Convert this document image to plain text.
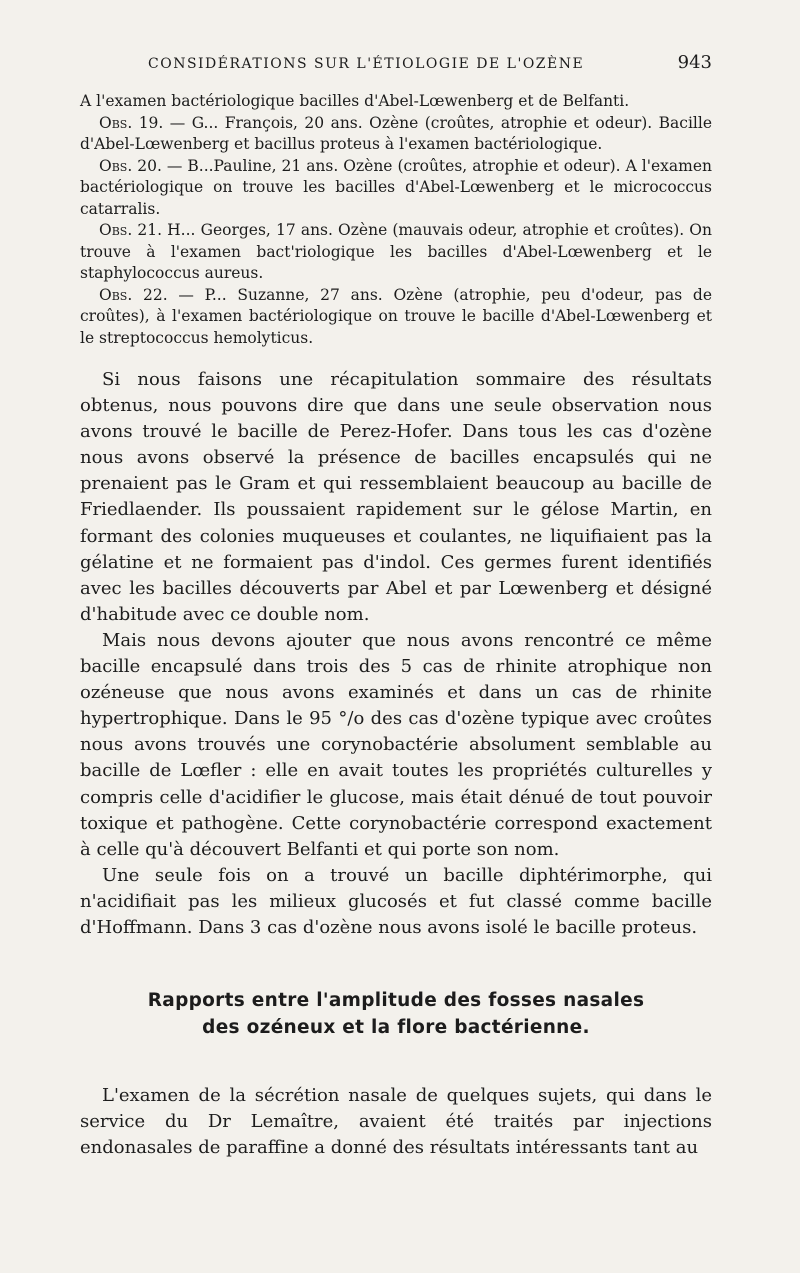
CONSIDÉRATIONS SUR L'ÉTIOLOGIE DE L'OZÈNE	943

A l'examen bactériologique bacilles d'Abel-Lœwenberg et de Belfanti.

Obs. 19. — G... François, 20 ans. Ozène (croûtes, atrophie et odeur). Bacille d'Abel-Lœwenberg et bacillus proteus à l'examen bactériologique.

Obs. 20. — B...Pauline, 21 ans. Ozène (croûtes, atrophie et odeur). A l'examen bactériologique on trouve les bacilles d'Abel-Lœwenberg et le micrococcus catarralis.

Obs. 21. H... Georges, 17 ans. Ozène (mauvais odeur, atrophie et croûtes). On trouve à l'examen bact'riologique les bacilles d'Abel-Lœwenberg et le staphylococcus aureus.

Obs. 22. — P... Suzanne, 27 ans. Ozène (atrophie, peu d'odeur, pas de croûtes), à l'examen bactériologique on trouve le bacille d'Abel-Lœwenberg et le streptococcus hemolyticus.

Si nous faisons une récapitulation sommaire des résultats obtenus, nous pouvons dire que dans une seule observation nous avons trouvé le bacille de Perez-Hofer. Dans tous les cas d'ozène nous avons observé la présence de bacilles encapsulés qui ne prenaient pas le Gram et qui ressemblaient beaucoup au bacille de Friedlaender. Ils poussaient rapidement sur le gélose Martin, en formant des colonies muqueuses et coulantes, ne liquifiaient pas la gélatine et ne formaient pas d'indol. Ces germes furent identifiés avec les bacilles découverts par Abel et par Lœwenberg et désigné d'habitude avec ce double nom.

Mais nous devons ajouter que nous avons rencontré ce même bacille encapsulé dans trois des 5 cas de rhinite atrophique non ozéneuse que nous avons examinés et dans un cas de rhinite hypertrophique. Dans le 95 °/o des cas d'ozène typique avec croûtes nous avons trouvés une corynobactérie absolument semblable au bacille de Lœfler : elle en avait toutes les propriétés culturelles y compris celle d'acidifier le glucose, mais était dénué de tout pouvoir toxique et pathogène. Cette corynobactérie correspond exactement à celle qu'à découvert Belfanti et qui porte son nom.

Une seule fois on a trouvé un bacille diphtérimorphe, qui n'acidifiait pas les milieux glucosés et fut classé comme bacille d'Hoffmann. Dans 3 cas d'ozène nous avons isolé le bacille proteus.

Rapports entre l'amplitude des fosses nasales
des ozéneux et la flore bactérienne.

L'examen de la sécrétion nasale de quelques sujets, qui dans le service du Dr Lemaître, avaient été traités par injections endonasales de paraffine a donné des résultats intéressants tant au
